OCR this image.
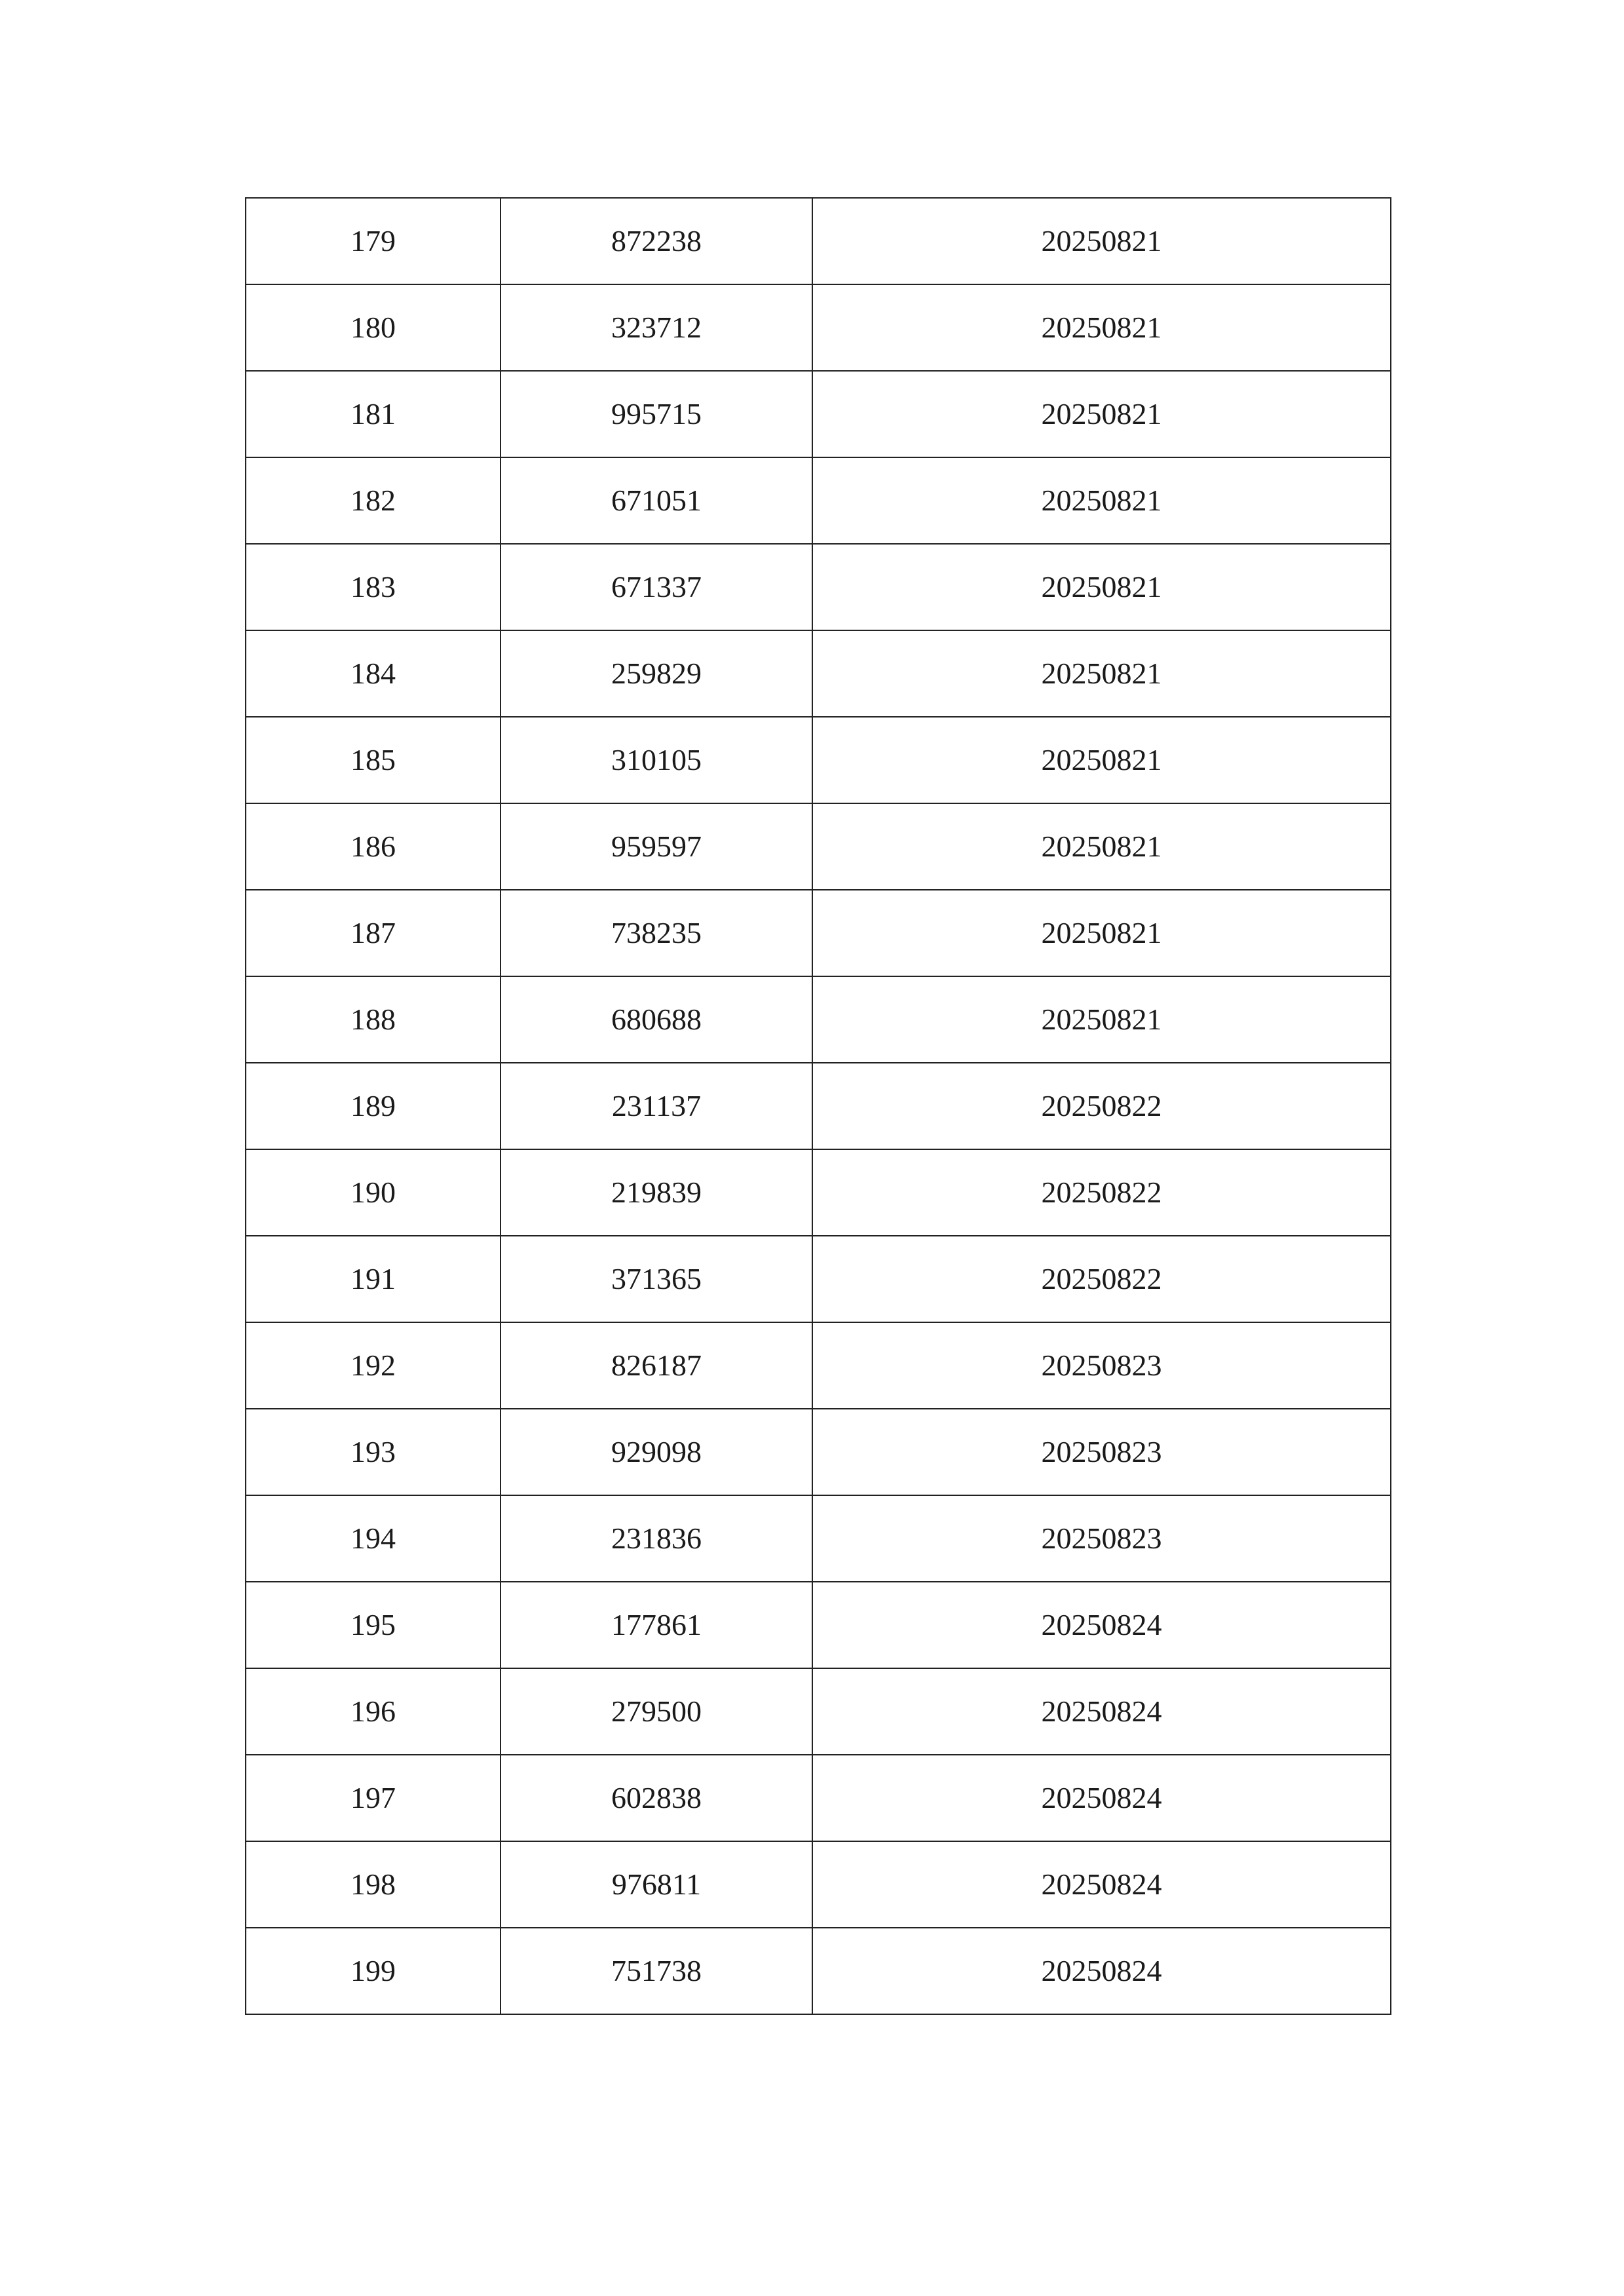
179	872238	20250821
180	323712	20250821
181	995715	20250821
182	671051	20250821
183	671337	20250821
184	259829	20250821
185	310105	20250821
186	959597	20250821
187	738235	20250821
188	680688	20250821
189	231137	20250822
190	219839	20250822
191	371365	20250822
192	826187	20250823
193	929098	20250823
194	231836	20250823
195	177861	20250824
196	279500	20250824
197	602838	20250824
198	976811	20250824
199	751738	20250824
